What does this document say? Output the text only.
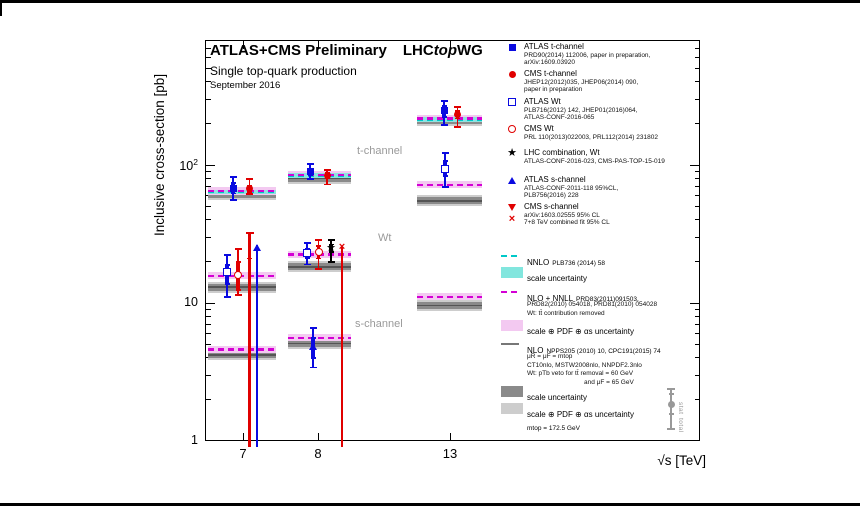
7	8	13
1
10
$10^2$
×
★
t-channel
Wt
s-channel
ATLAS+CMS Preliminary LHCtopWG
Single top-quark production
September 2016
Inclusive cross-section [pb]
√s [TeV]
ATLAS t-channel
PRD90(2014) 112006, paper in preparation,
arXiv:1609.03920
CMS t-channel
JHEP12(2012)035, JHEP06(2014) 090,
paper in preparation
ATLAS Wt
PLB716(2012) 142, JHEP01(2016)064,
ATLAS-CONF-2016-065
CMS Wt
PRL 110(2013)022003, PRL112(2014) 231802
★ LHC combination, Wt
ATLAS-CONF-2016-023, CMS-PAS-TOP-15-019
ATLAS s-channel
ATLAS-CONF-2011-118 95%CL,
PLB756(2016) 228
CMS s-channel
arXiv:1603.02555 95% CL
7+8 TeV combined fit 95% CL
×
NNLO PLB736 (2014) 58
scale uncertainty
NLO + NNLL PRD83(2011)091503,
PRD82(2010) 054018, PRD81(2010) 054028
Wt: tt̄ contribution removed
scale ⊕ PDF ⊕ αs uncertainty
NLO NPPS205 (2010) 10, CPC191(2015) 74
μR = μF = mtop
CT10nlo, MSTW2008nlo, NNPDF2.3nlo
Wt: pTb veto for tt̄ removal = 60 GeV
and μF = 65 GeV
scale uncertainty
scale ⊕ PDF ⊕ αs uncertainty
mtop = 172.5 GeV
stat
total
